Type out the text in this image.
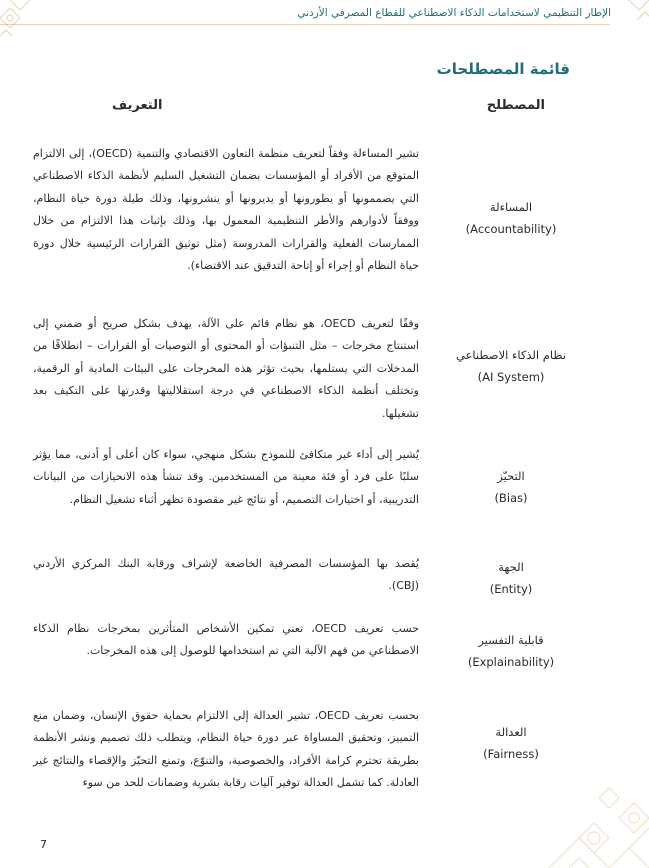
الإطار التنظيمي لاستخدامات الذكاء الاصطناعي للقطاع المصرفي الأردني
قائمة المصطلحات
المصطلح
التعريف
المساءلة
(Accountability)
تشير المساءلة وفقاً لتعريف منظمة التعاون الاقتصادي والتنمية (OECD)، إلى الالتزام المتوقع من الأفراد أو المؤسسات بضمان التشغيل السليم لأنظمة الذكاء الاصطناعي التي يصممونها أو يطورونها أو يديرونها أو ينشرونها، وذلك طيلة دورة حياة النظام، ووفقاً لأدوارهم والأطر التنظيمية المعمول بها، وذلك بإثبات هذا الالتزام من خلال الممارسات الفعلية والقرارات المدروسة (مثل توثيق القرارات الرئيسية خلال دورة حياة النظام أو إجراء أو إتاحة التدقيق عند الاقتضاء).
نظام الذكاء الاصطناعي
(AI System)
وفقًا لتعريف OECD، هو نظام قائم على الآلة، يهدف بشكل صريح أو ضمني إلى استنتاج مخرجات – مثل التنبؤات أو المحتوى أو التوصيات أو القرارات – انطلاقًا من المدخلات التي يستلمها، بحيث تؤثر هذه المخرجات على البيئات المادية أو الرقمية، وتختلف أنظمة الذكاء الاصطناعي في درجة استقلاليتها وقدرتها على التكيف بعد تشغيلها.
التحيّز
(Bias)
يُشير إلى أداء غير متكافئ للنموذج بشكل منهجي، سواء كان أعلى أو أدنى، مما يؤثر سلبًا على فرد أو فئة معينة من المستخدمين. وقد تنشأ هذه الانحيازات من البيانات التدريبية، أو اختيارات التصميم، أو نتائج غير مقصودة تظهر أثناء تشغيل النظام.
الجهة
(Entity)
يُقصد بها المؤسسات المصرفية الخاضعة لإشراف ورقابة البنك المركزي الأردني (CBJ).
قابلية التفسير
(Explainability)
حسب تعريف OECD، تعني تمكين الأشخاص المتأثرين بمخرجات نظام الذكاء الاصطناعي من فهم الآلية التي تم استخدامها للوصول إلى هذه المخرجات.
العدالة
(Fairness)
بحسب تعريف OECD، تشير العدالة إلى الالتزام بحماية حقوق الإنسان، وضمان منع التمييز، وتحقيق المساواة عبر دورة حياة النظام، ويتطلب ذلك تصميم ونشر الأنظمة بطريقة تحترم كرامة الأفراد، والخصوصية، والتنوّع، وتمنع التحيّز والإقصاء والنتائج غير العادلة. كما تشمل العدالة توفير آليات رقابة بشرية وضمانات للحد من سوء
7
